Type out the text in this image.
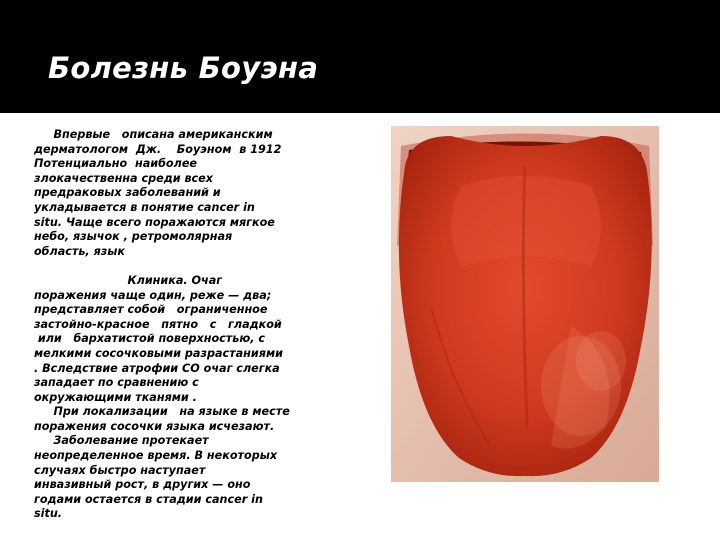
Болезнь Боуэна
Впервые   описана американским
дерматологом  Дж.    Боуэном  в 1912
Потенциально  наиболее
злокачественна среди всех
предраковых заболеваний и
укладывается в понятие cancer in
situ. Чаще всего поражаются мягкое
небо, язычок , ретромолярная
область, язык

Клиника. Очаг
поражения чаще один, реже — два;
представляет собой   ограниченное
застойно-красное   пятно   с   гладкой
или   бархатистой поверхностью, с
мелкими сосочковыми разрастаниями
. Вследствие атрофии СО очаг слегка
западает по сравнению с
окружающими тканями .
При локализации   на языке в месте
поражения сосочки языка исчезают.
Заболевание протекает
неопределенное время. В некоторых
случаях быстро наступает
инвазивный рост, в других — оно
годами остается в стадии cancer in
situ.
